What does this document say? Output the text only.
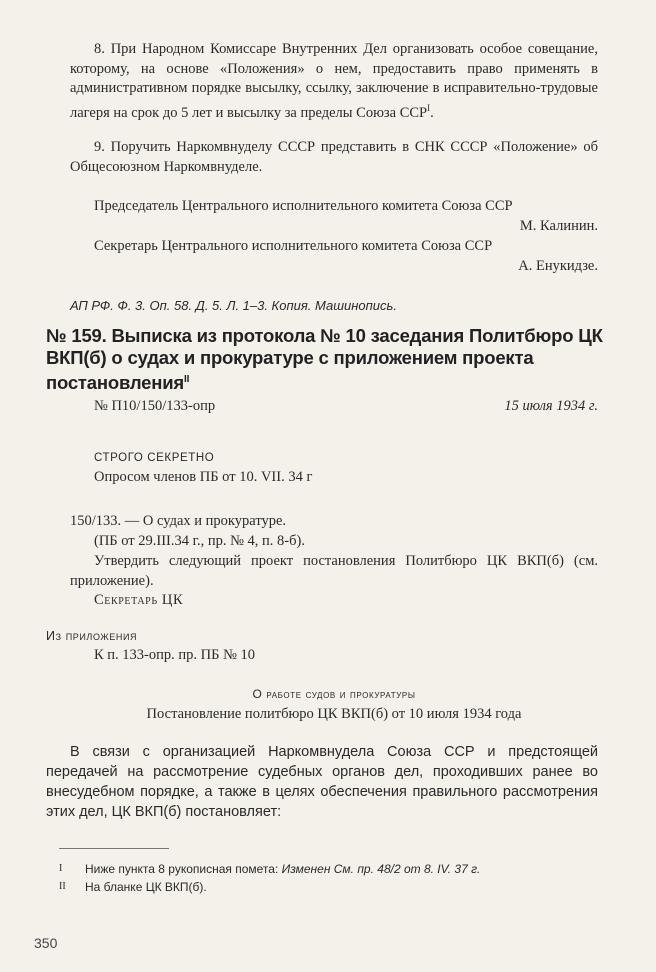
8. При Народном Комиссаре Внутренних Дел организовать особое совещание, которому, на основе «Положения» о нем, предоставить право применять в административном порядке высылку, ссылку, заключение в исправительно-трудовые лагеря на срок до 5 лет и высылку за пределы Союза $ССР^I$.
9. Поручить Наркомвнуделу СССР представить в СНК СССР «Положение» об Общесоюзном Наркомвнуделе.
Председатель Центрального исполнительного комитета Союза ССР
М. Калинин.
Секретарь Центрального исполнительного комитета Союза ССР
А. Енукидзе.
АП РФ. Ф. 3. Оп. 58. Д. 5. Л. 1–3. Копия. Машинопись.
№ 159. Выписка из протокола № 10 заседания Политбюро ЦК ВКП(б) о судах и прокуратуре с приложением проекта постановления$^{II}$
№ П10/150/133-опр	15 июля 1934 г.
СТРОГО СЕКРЕТНО
Опросом членов ПБ от 10. VII. 34 г
150/133. — О судах и прокуратуре.
(ПБ от 29.III.34 г., пр. № 4, п. 8-б).
Утвердить следующий проект постановления Политбюро ЦК ВКП(б) (см. приложение).
Секретарь ЦК
Из приложения
К п. 133-опр. пр. ПБ № 10
О работе судов и прокуратуры
Постановление политбюро ЦК ВКП(б) от 10 июля 1934 года
В связи с организацией Наркомвнудела Союза ССР и предстоящей передачей на рассмотрение судебных органов дел, проходивших ранее во внесудебном порядке, а также в целях обеспечения правильного рассмотрения этих дел, ЦК ВКП(б) постановляет:
I Ниже пункта 8 рукописная помета: Изменен См. пр. 48/2 от 8. IV. 37 г.
II На бланке ЦК ВКП(б).
350
